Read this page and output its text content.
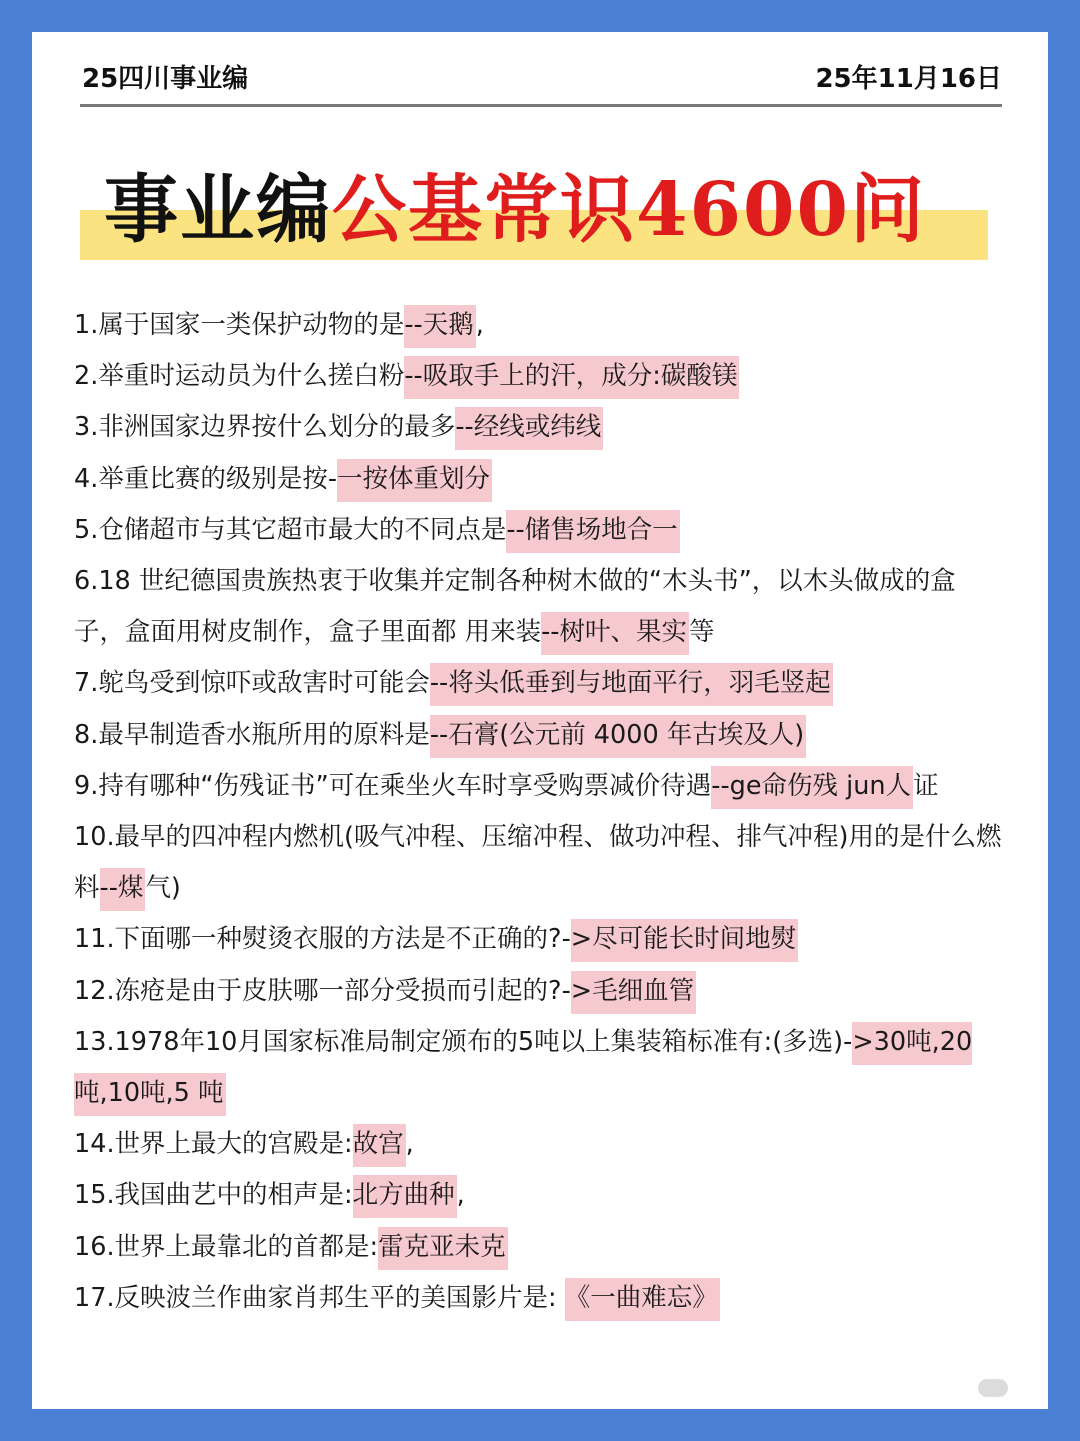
25四川事业编	25年11月16日
事业编公基常识4600问

1.属于国家一类保护动物的是--天鹅,

2.举重时运动员为什么搓白粉--吸取手上的汗，成分:碳酸镁

3.非洲国家边界按什么划分的最多--经线或纬线

4.举重比赛的级别是按-一按体重划分

5.仓储超市与其它超市最大的不同点是--储售场地合一

6.18 世纪德国贵族热衷于收集并定制各种树木做的“木头书”，以木头做成的盒子，盒面用树皮制作，盒子里面都 用来装--树叶、果实等

7.鸵鸟受到惊吓或敌害时可能会--将头低垂到与地面平行，羽毛竖起

8.最早制造香水瓶所用的原料是--石膏(公元前 4000 年古埃及人)

9.持有哪种“伤残证书”可在乘坐火车时享受购票减价待遇--ge命伤残 jun人证

10.最早的四冲程内燃机(吸气冲程、压缩冲程、做功冲程、排气冲程)用的是什么燃料--煤气)

11.下面哪一种熨烫衣服的方法是不正确的?->尽可能长时间地熨

12.冻疮是由于皮肤哪一部分受损而引起的?->毛细血管

13.1978年10月国家标准局制定颁布的5吨以上集装箱标准有:(多选)->30吨,20吨,10吨,5 吨

14.世界上最大的宫殿是:故宫,

15.我国曲艺中的相声是:北方曲种,

16.世界上最靠北的首都是:雷克亚未克

17.反映波兰作曲家肖邦生平的美国影片是: 《一曲难忘》
